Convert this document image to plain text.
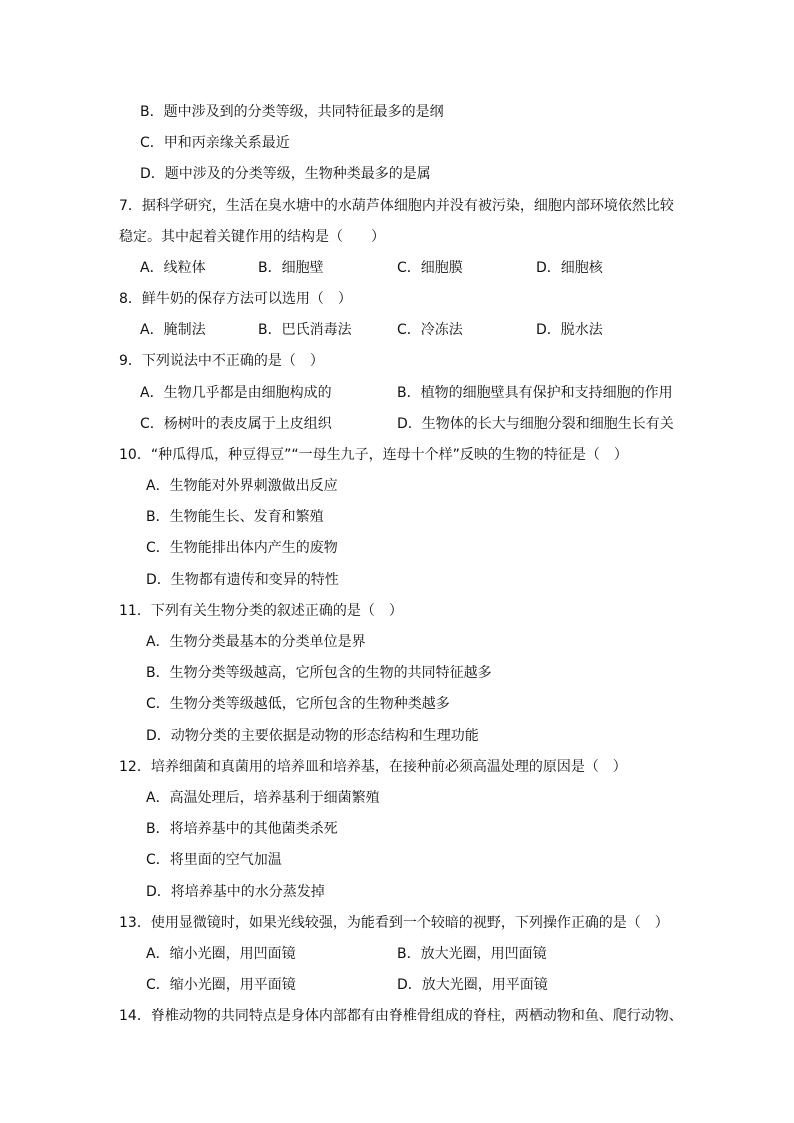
B．题中涉及到的分类等级，共同特征最多的是纲
C．甲和丙亲缘关系最近
D．题中涉及的分类等级，生物种类最多的是属
7．据科学研究，生活在臭水塘中的水葫芦体细胞内并没有被污染，细胞内部环境依然比较
稳定。其中起着关键作用的结构是（　　）
A．线粒体	B．细胞壁	C．细胞膜	D．细胞核
8．鲜牛奶的保存方法可以选用（　）
A．腌制法	B．巴氏消毒法	C．冷冻法	D．脱水法
9．下列说法中不正确的是（　）
A．生物几乎都是由细胞构成的	B．植物的细胞壁具有保护和支持细胞的作用
C．杨树叶的表皮属于上皮组织	D．生物体的长大与细胞分裂和细胞生长有关
10．“种瓜得瓜，种豆得豆”“一母生九子，连母十个样”反映的生物的特征是（　）
A．生物能对外界刺激做出反应
B．生物能生长、发育和繁殖
C．生物能排出体内产生的废物
D．生物都有遗传和变异的特性
11．下列有关生物分类的叙述正确的是（　）
A．生物分类最基本的分类单位是界
B．生物分类等级越高，它所包含的生物的共同特征越多
C．生物分类等级越低，它所包含的生物种类越多
D．动物分类的主要依据是动物的形态结构和生理功能
12．培养细菌和真菌用的培养皿和培养基，在接种前必须高温处理的原因是（　）
A．高温处理后，培养基利于细菌繁殖
B．将培养基中的其他菌类杀死
C．将里面的空气加温
D．将培养基中的水分蒸发掉
13．使用显微镜时，如果光线较强，为能看到一个较暗的视野，下列操作正确的是（　）
A．缩小光圈，用凹面镜	B．放大光圈，用凹面镜
C．缩小光圈，用平面镜	D．放大光圈，用平面镜
14．脊椎动物的共同特点是身体内部都有由脊椎骨组成的脊柱，两栖动物和鱼、爬行动物、
